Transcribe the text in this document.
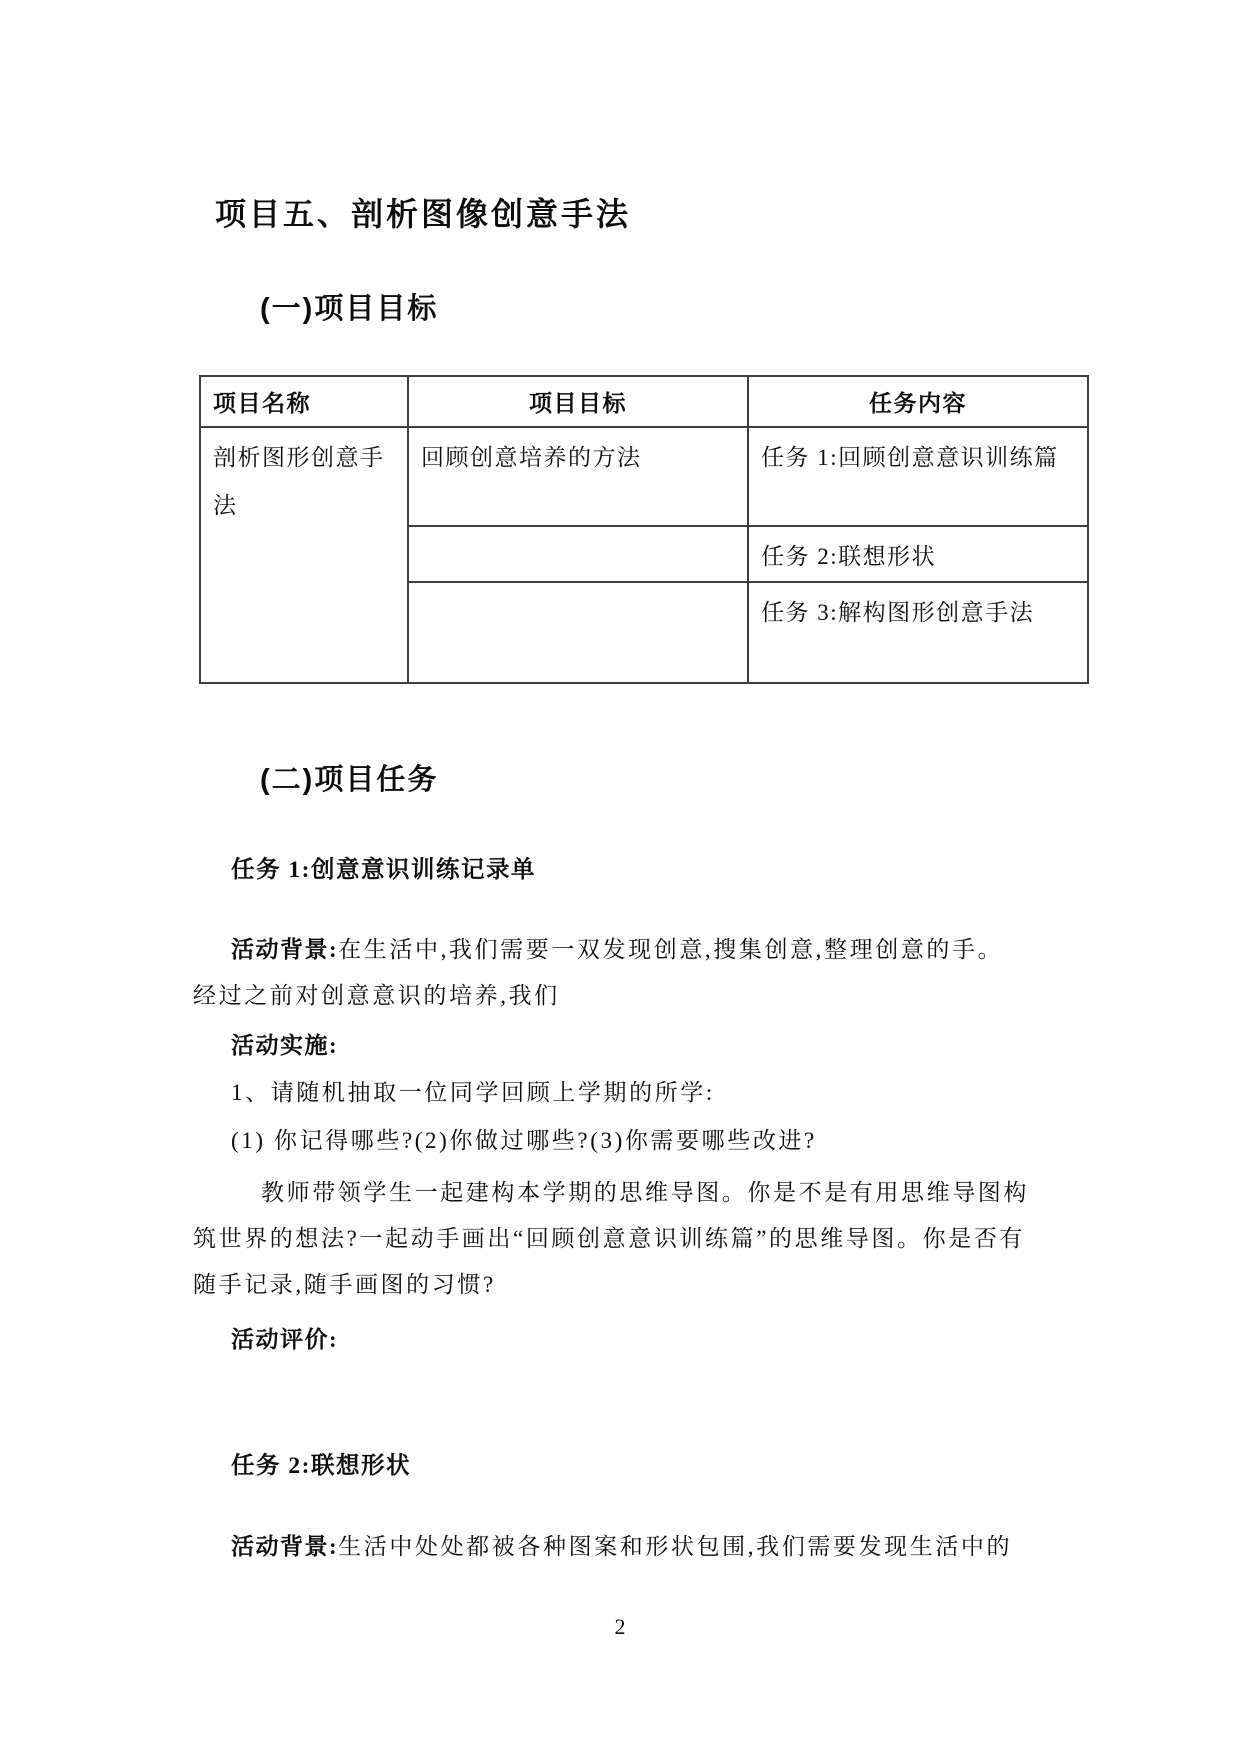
项目五、剖析图像创意手法
(一)项目目标
项目名称	项目目标	任务内容
剖析图形创意手法	回顾创意培养的方法	任务 1:回顾创意意识训练篇
		任务 2:联想形状
		任务 3:解构图形创意手法
(二)项目任务
任务 1:创意意识训练记录单
活动背景:在生活中,我们需要一双发现创意,搜集创意,整理创意的手。
经过之前对创意意识的培养,我们

活动实施:

1、请随机抽取一位同学回顾上学期的所学:

(1) 你记得哪些?(2)你做过哪些?(3)你需要哪些改进?

教师带领学生一起建构本学期的思维导图。你是不是有用思维导图构
筑世界的想法?一起动手画出“回顾创意意识训练篇”的思维导图。你是否有
随手记录,随手画图的习惯?

活动评价:

任务 2:联想形状
活动背景:生活中处处都被各种图案和形状包围,我们需要发现生活中的
2
